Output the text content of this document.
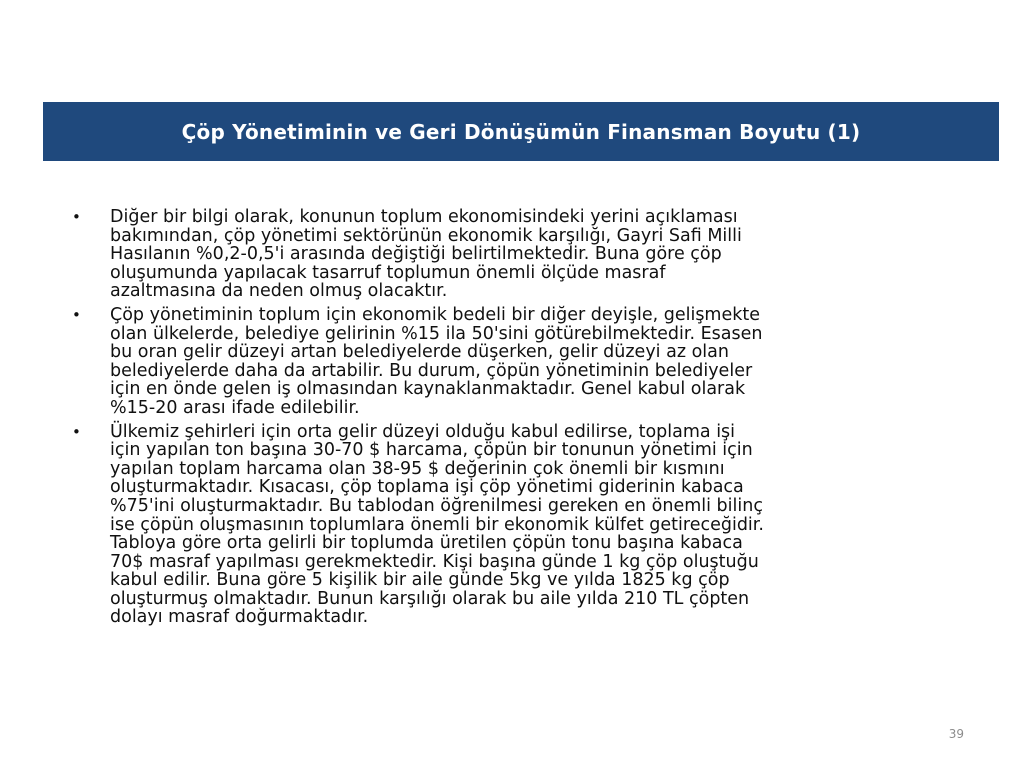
Çöp Yönetiminin ve Geri Dönüşümün Finansman Boyutu (1)
• Diğer bir bilgi olarak, konunun toplum ekonomisindeki yerini açıklaması
bakımından, çöp yönetimi sektörünün ekonomik karşılığı, Gayri Safi Milli
Hasılanın %0,2-0,5'i arasında değiştiği belirtilmektedir. Buna göre çöp
oluşumunda yapılacak tasarruf toplumun önemli ölçüde masraf
azaltmasına da neden olmuş olacaktır.
• Çöp yönetiminin toplum için ekonomik bedeli bir diğer deyişle, gelişmekte
olan ülkelerde, belediye gelirinin %15 ila 50'sini götürebilmektedir. Esasen
bu oran gelir düzeyi artan belediyelerde düşerken, gelir düzeyi az olan
belediyelerde daha da artabilir. Bu durum, çöpün yönetiminin belediyeler
için en önde gelen iş olmasından kaynaklanmaktadır. Genel kabul olarak
%15-20 arası ifade edilebilir.
• Ülkemiz şehirleri için orta gelir düzeyi olduğu kabul edilirse, toplama işi
için yapılan ton başına 30-70 $ harcama, çöpün bir tonunun yönetimi için
yapılan toplam harcama olan 38-95 $ değerinin çok önemli bir kısmını
oluşturmaktadır. Kısacası, çöp toplama işi çöp yönetimi giderinin kabaca
%75'ini oluşturmaktadır. Bu tablodan öğrenilmesi gereken en önemli bilinç
ise çöpün oluşmasının toplumlara önemli bir ekonomik külfet getireceğidir.
Tabloya göre orta gelirli bir toplumda üretilen çöpün tonu başına kabaca
70$ masraf yapılması gerekmektedir. Kişi başına günde 1 kg çöp oluştuğu
kabul edilir. Buna göre 5 kişilik bir aile günde 5kg ve yılda 1825 kg çöp
oluşturmuş olmaktadır. Bunun karşılığı olarak bu aile yılda 210 TL çöpten
dolayı masraf doğurmaktadır.
39
